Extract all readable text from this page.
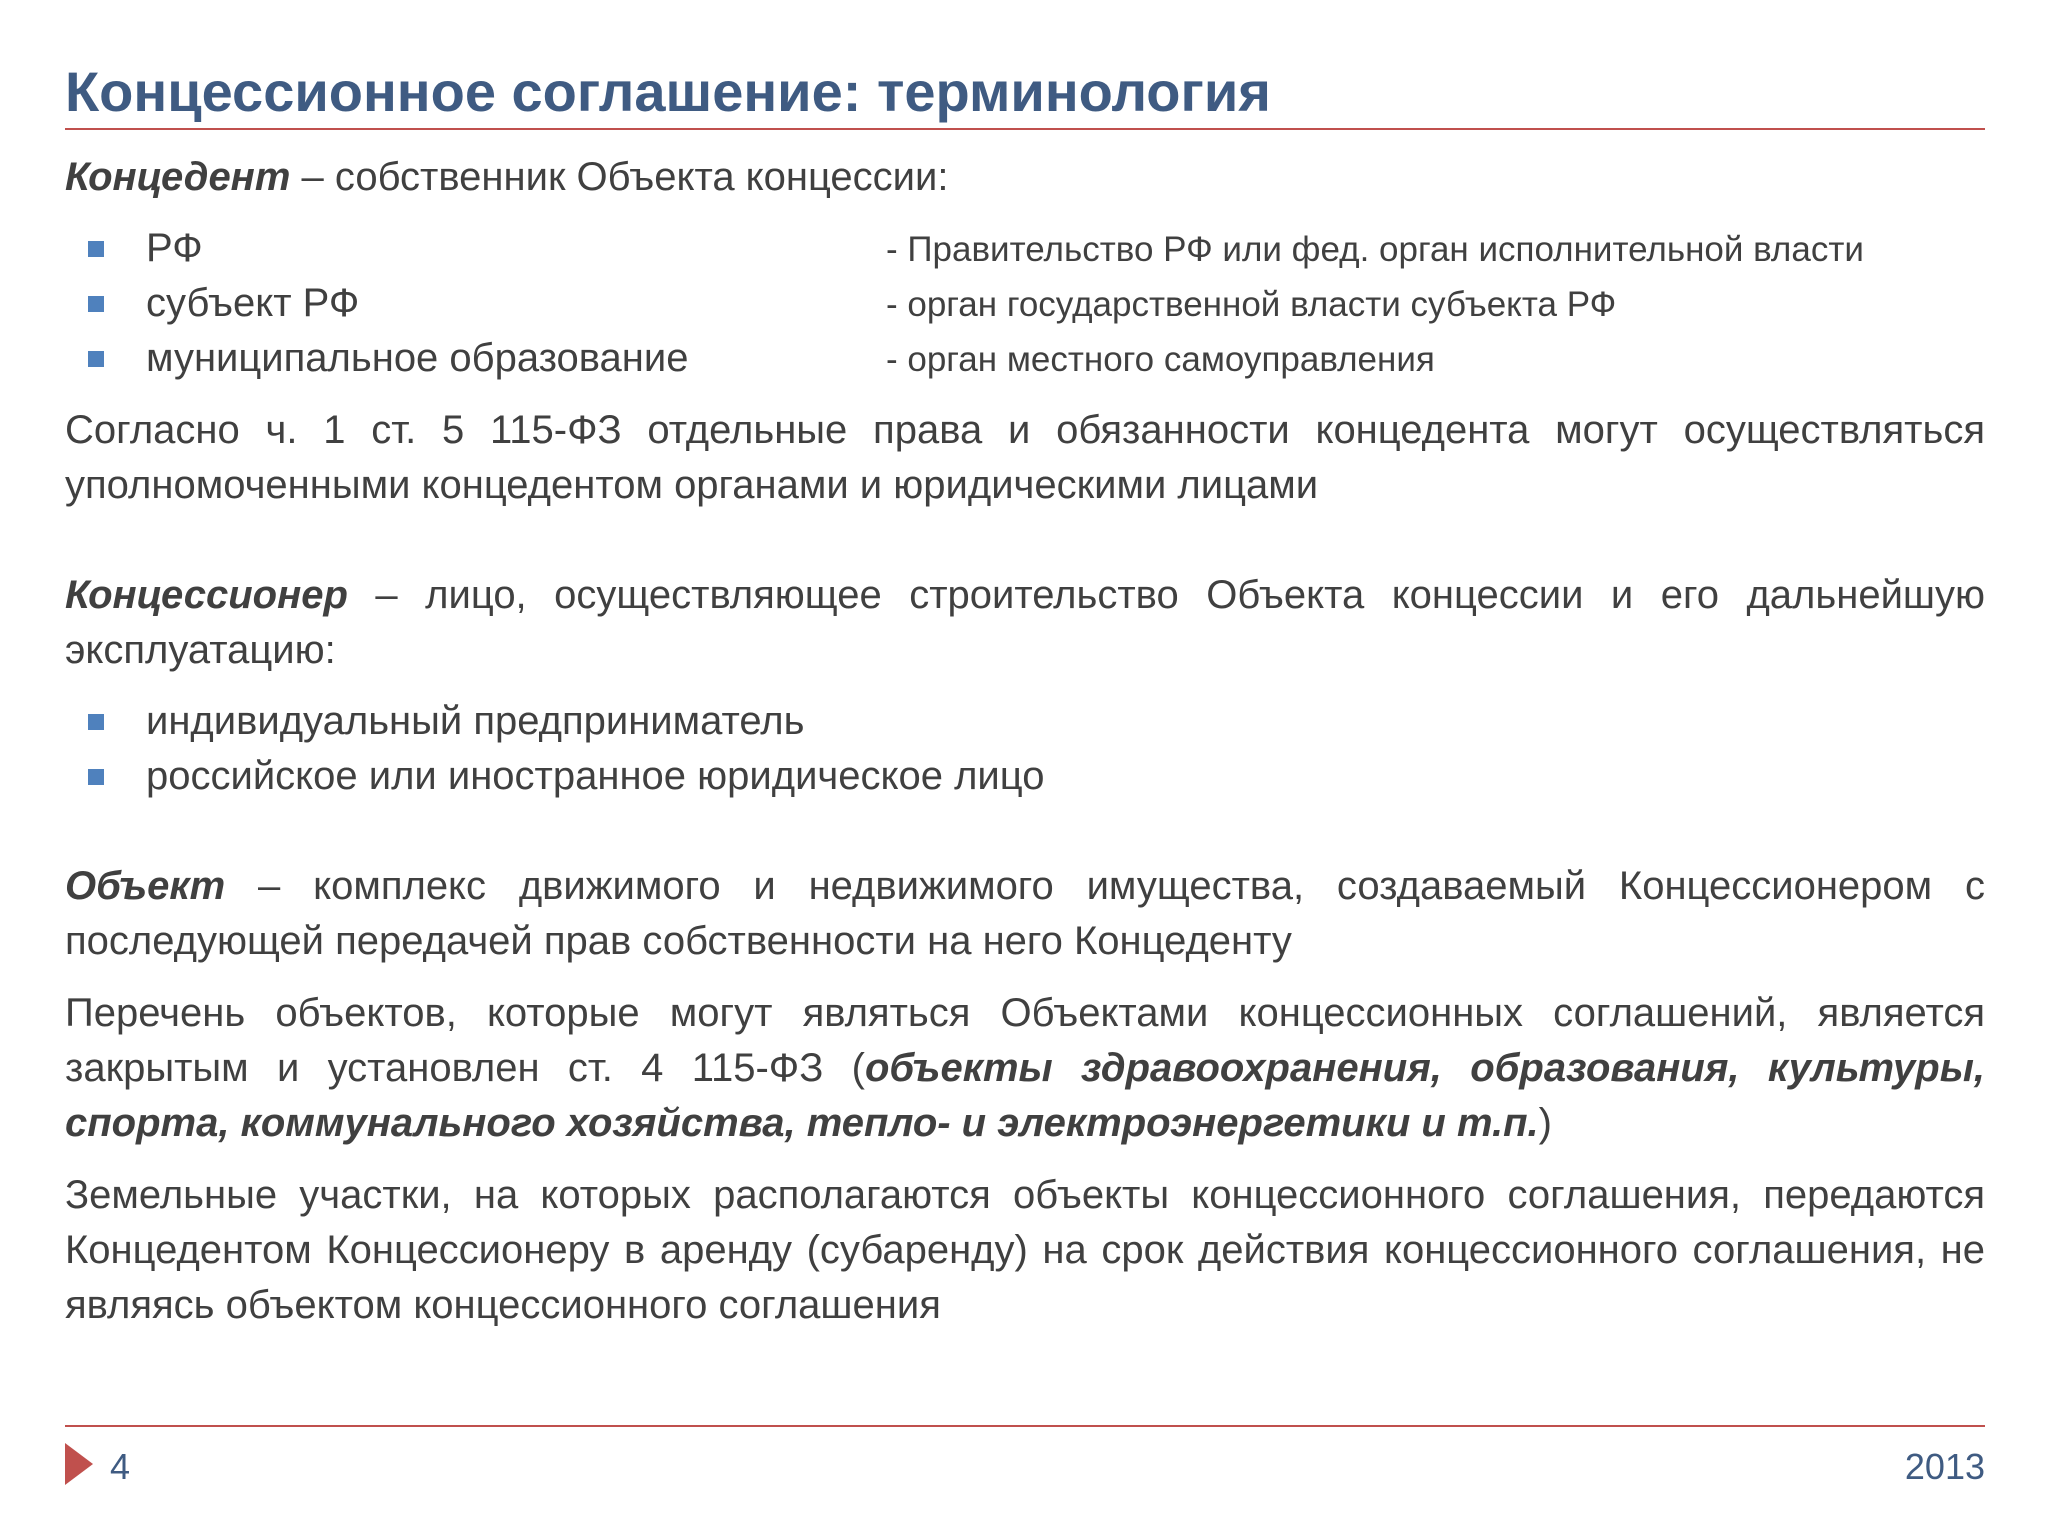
Концессионное соглашение: терминология

Концедент – собственник Объекта концессии:

РФ	- Правительство РФ или фед. орган исполнительной власти
субъект РФ	- орган государственной власти субъекта РФ
муниципальное образование	- орган местного самоуправления

Согласно ч. 1 ст. 5 115-ФЗ отдельные права и обязанности концедента могут осуществляться уполномоченными концедентом органами и юридическими лицами

Концессионер – лицо, осуществляющее строительство Объекта концессии и его дальнейшую эксплуатацию:

индивидуальный предприниматель
российское или иностранное юридическое лицо

Объект – комплекс движимого и недвижимого имущества, создаваемый Концессионером с последующей передачей прав собственности на него Концеденту

Перечень объектов, которые могут являться Объектами концессионных соглашений, является закрытым и установлен ст. 4 115-ФЗ (объекты здравоохранения, образования, культуры, спорта, коммунального хозяйства, тепло- и электроэнергетики и т.п.)

Земельные участки, на которых располагаются объекты концессионного соглашения, передаются Концедентом Концессионеру в аренду (субаренду) на срок действия концессионного соглашения, не являясь объектом концессионного соглашения

4	2013
